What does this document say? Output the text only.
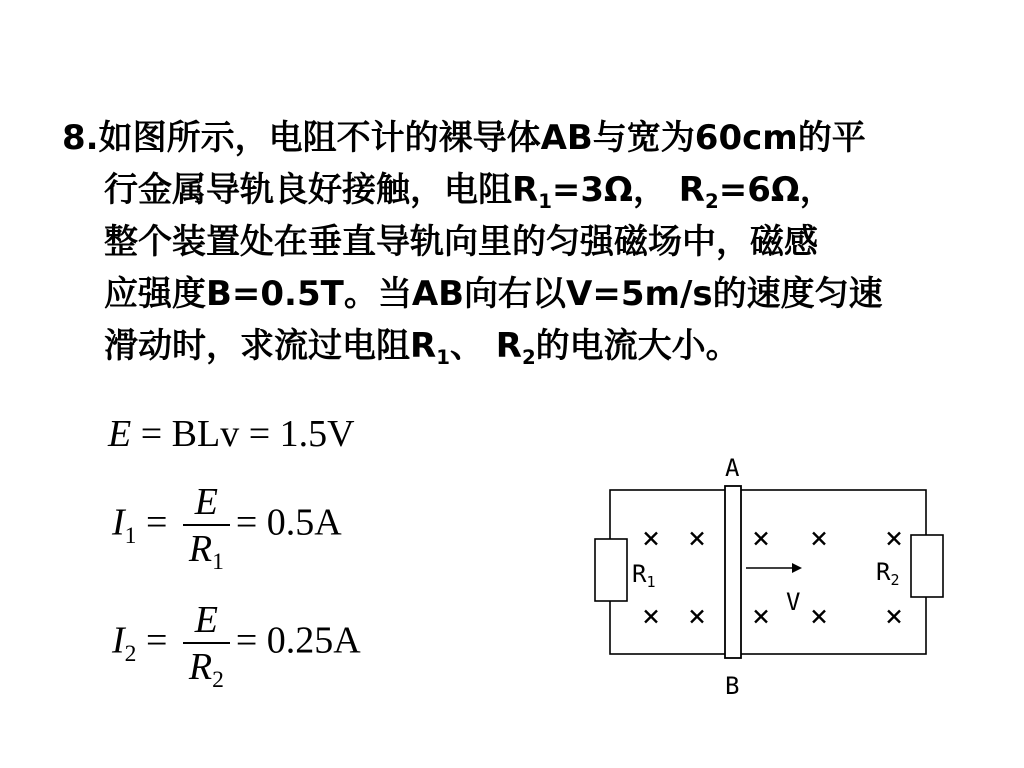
8.如图所示，电阻不计的裸导体AB与宽为60cm的平
行金属导轨良好接触，电阻$R_1=3\Omega$， $R_2=6\Omega$，
整个装置处在垂直导轨向里的匀强磁场中，磁感
应强度B=0.5T。当AB向右以V=5m/s的速度匀速
滑动时，求流过电阻$R_1$、 $R_2$的电流大小。
E = BLv = 1.5V
$I_1 = \frac{E}{R_1} = 0.5A$
$I_2 = \frac{E}{R_2} = 0.25A$
× × × × ×
× × × × ×
A
B
$R_1$	$R_2$
V
